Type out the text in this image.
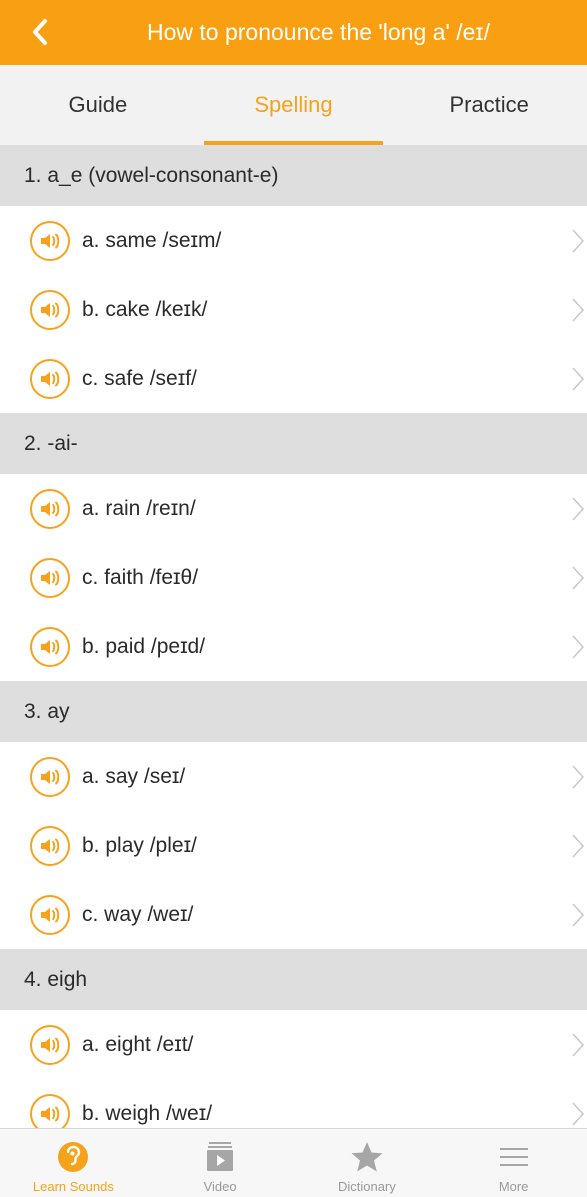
How to pronounce the 'long a' /eɪ/
Guide	Spelling	Practice
1. a_e (vowel-consonant-e)
a. same /seɪm/
b. cake /keɪk/
c. safe /seɪf/
2. -ai-
a. rain /reɪn/
c. faith /feɪθ/
b. paid /peɪd/
3. ay
a. say /seɪ/
b. play /pleɪ/
c. way /weɪ/
4. eigh
a. eight /eɪt/
b. weigh /weɪ/
Learn Sounds	Video	Dictionary	More
